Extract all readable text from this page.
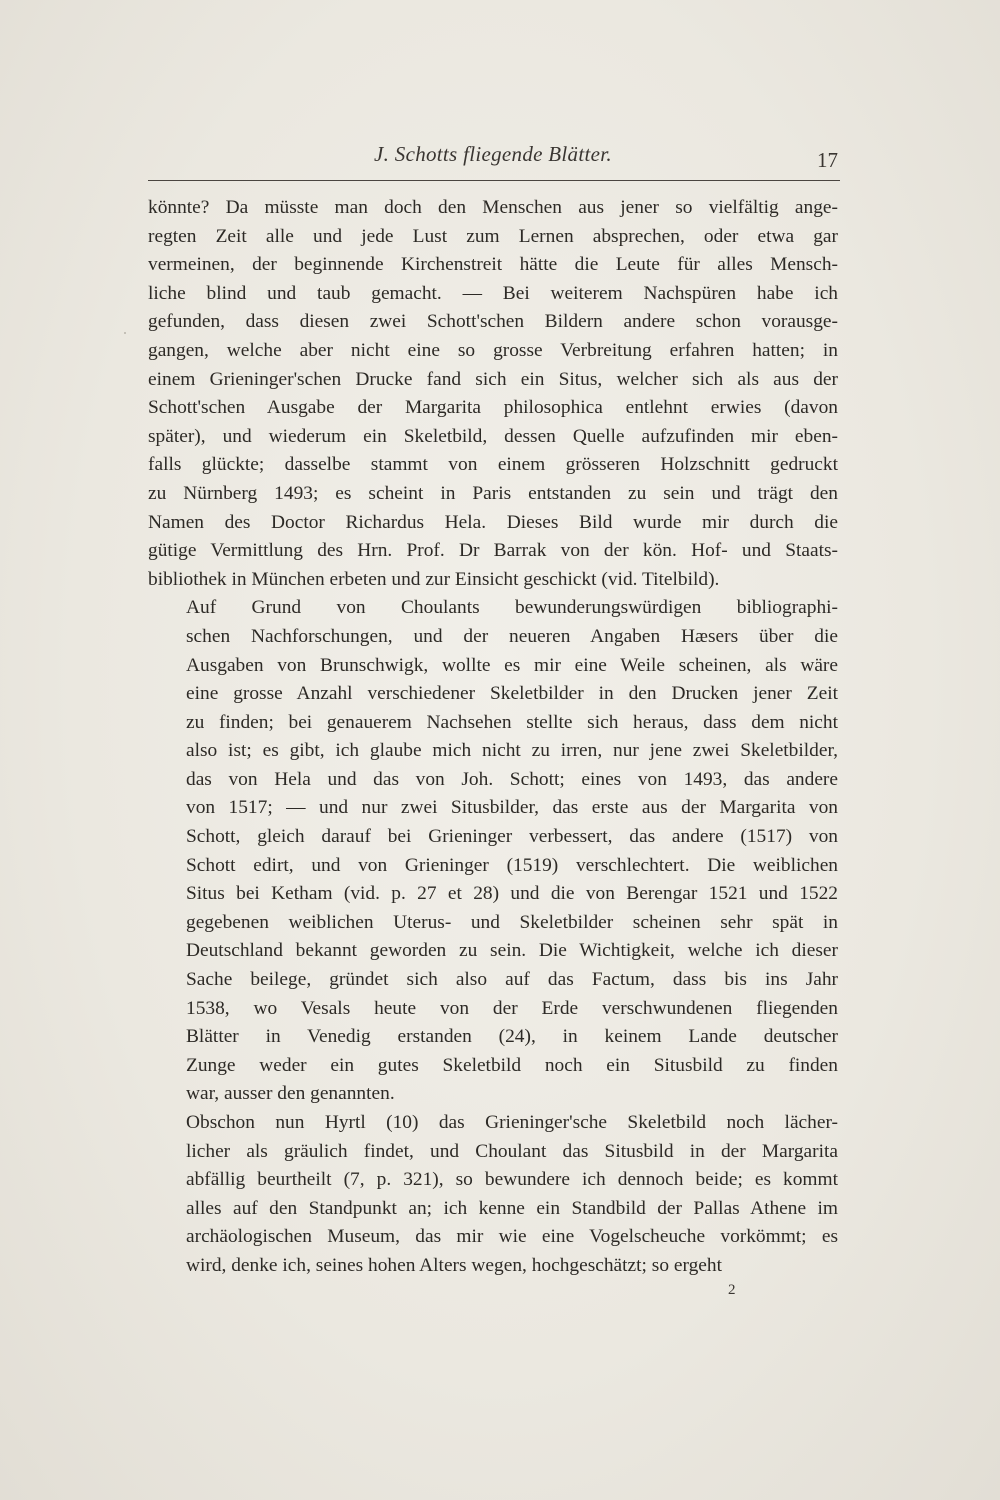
J. Schotts fliegende Blätter.	17

könnte? Da müsste man doch den Menschen aus jener so vielfältig ange-
regten Zeit alle und jede Lust zum Lernen absprechen, oder etwa gar
vermeinen, der beginnende Kirchenstreit hätte die Leute für alles Mensch-
liche blind und taub gemacht. — Bei weiterem Nachspüren habe ich
gefunden, dass diesen zwei Schott'schen Bildern andere schon vorausge-
gangen, welche aber nicht eine so grosse Verbreitung erfahren hatten; in
einem Grieninger'schen Drucke fand sich ein Situs, welcher sich als aus der
Schott'schen Ausgabe der Margarita philosophica entlehnt erwies (davon
später), und wiederum ein Skeletbild, dessen Quelle aufzufinden mir eben-
falls glückte; dasselbe stammt von einem grösseren Holzschnitt gedruckt
zu Nürnberg 1493; es scheint in Paris entstanden zu sein und trägt den
Namen des Doctor Richardus Hela. Dieses Bild wurde mir durch die
gütige Vermittlung des Hrn. Prof. Dr Barrak von der kön. Hof- und Staats-
bibliothek in München erbeten und zur Einsicht geschickt (vid. Titelbild).

Auf Grund von Choulants bewunderungswürdigen bibliographi-
schen Nachforschungen, und der neueren Angaben Hæsers über die
Ausgaben von Brunschwigk, wollte es mir eine Weile scheinen, als wäre
eine grosse Anzahl verschiedener Skeletbilder in den Drucken jener Zeit
zu finden; bei genauerem Nachsehen stellte sich heraus, dass dem nicht
also ist; es gibt, ich glaube mich nicht zu irren, nur jene zwei Skeletbilder,
das von Hela und das von Joh. Schott; eines von 1493, das andere
von 1517; — und nur zwei Situsbilder, das erste aus der Margarita von
Schott, gleich darauf bei Grieninger verbessert, das andere (1517) von
Schott edirt, und von Grieninger (1519) verschlechtert. Die weiblichen
Situs bei Ketham (vid. p. 27 et 28) und die von Berengar 1521 und 1522
gegebenen weiblichen Uterus- und Skeletbilder scheinen sehr spät in
Deutschland bekannt geworden zu sein. Die Wichtigkeit, welche ich dieser
Sache beilege, gründet sich also auf das Factum, dass bis ins Jahr
1538, wo Vesals heute von der Erde verschwundenen fliegenden
Blätter in Venedig erstanden (24), in keinem Lande deutscher
Zunge weder ein gutes Skeletbild noch ein Situsbild zu finden
war, ausser den genannten.

Obschon nun Hyrtl (10) das Grieninger'sche Skeletbild noch lächer-
licher als gräulich findet, und Choulant das Situsbild in der Margarita
abfällig beurtheilt (7, p. 321), so bewundere ich dennoch beide; es kommt
alles auf den Standpunkt an; ich kenne ein Standbild der Pallas Athene im
archäologischen Museum, das mir wie eine Vogelscheuche vorkömmt; es
wird, denke ich, seines hohen Alters wegen, hochgeschätzt; so ergeht

2
